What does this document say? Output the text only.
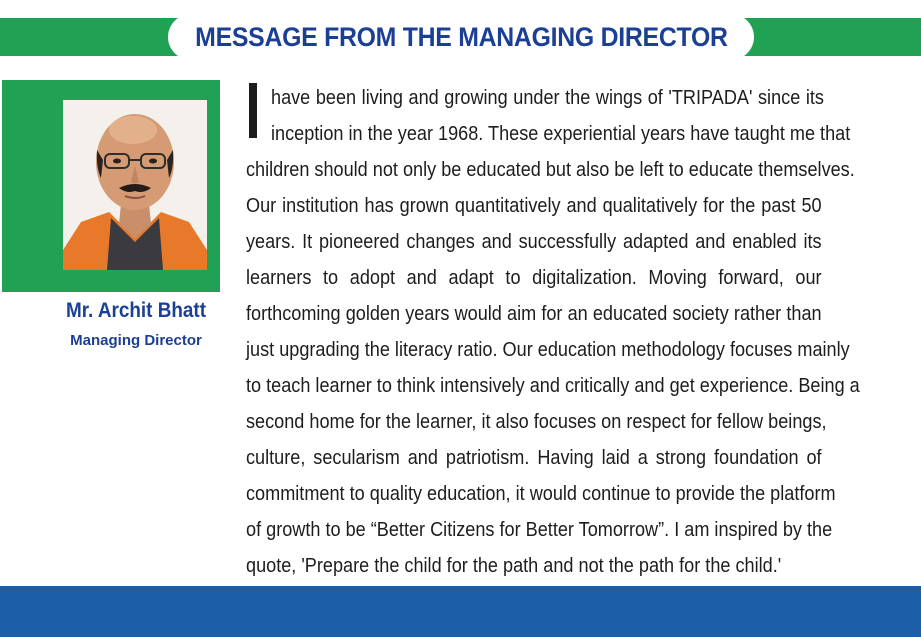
MESSAGE FROM THE MANAGING DIRECTOR
Mr. Archit Bhatt
Managing Director
have been living and growing under the wings of 'TRIPADA' since its
inception in the year 1968. These experiential years have taught me that
children should not only be educated but also be left to educate themselves.
Our institution has grown quantitatively and qualitatively for the past 50
years. It pioneered changes and successfully adapted and enabled its
learners to adopt and adapt to digitalization. Moving forward, our
forthcoming golden years would aim for an educated society rather than
just upgrading the literacy ratio. Our education methodology focuses mainly
to teach learner to think intensively and critically and get experience. Being a
second home for the learner, it also focuses on respect for fellow beings,
culture, secularism and patriotism. Having laid a strong foundation of
commitment to quality education, it would continue to provide the platform
of growth to be “Better Citizens for Better Tomorrow”. I am inspired by the
quote, 'Prepare the child for the path and not the path for the child.'
